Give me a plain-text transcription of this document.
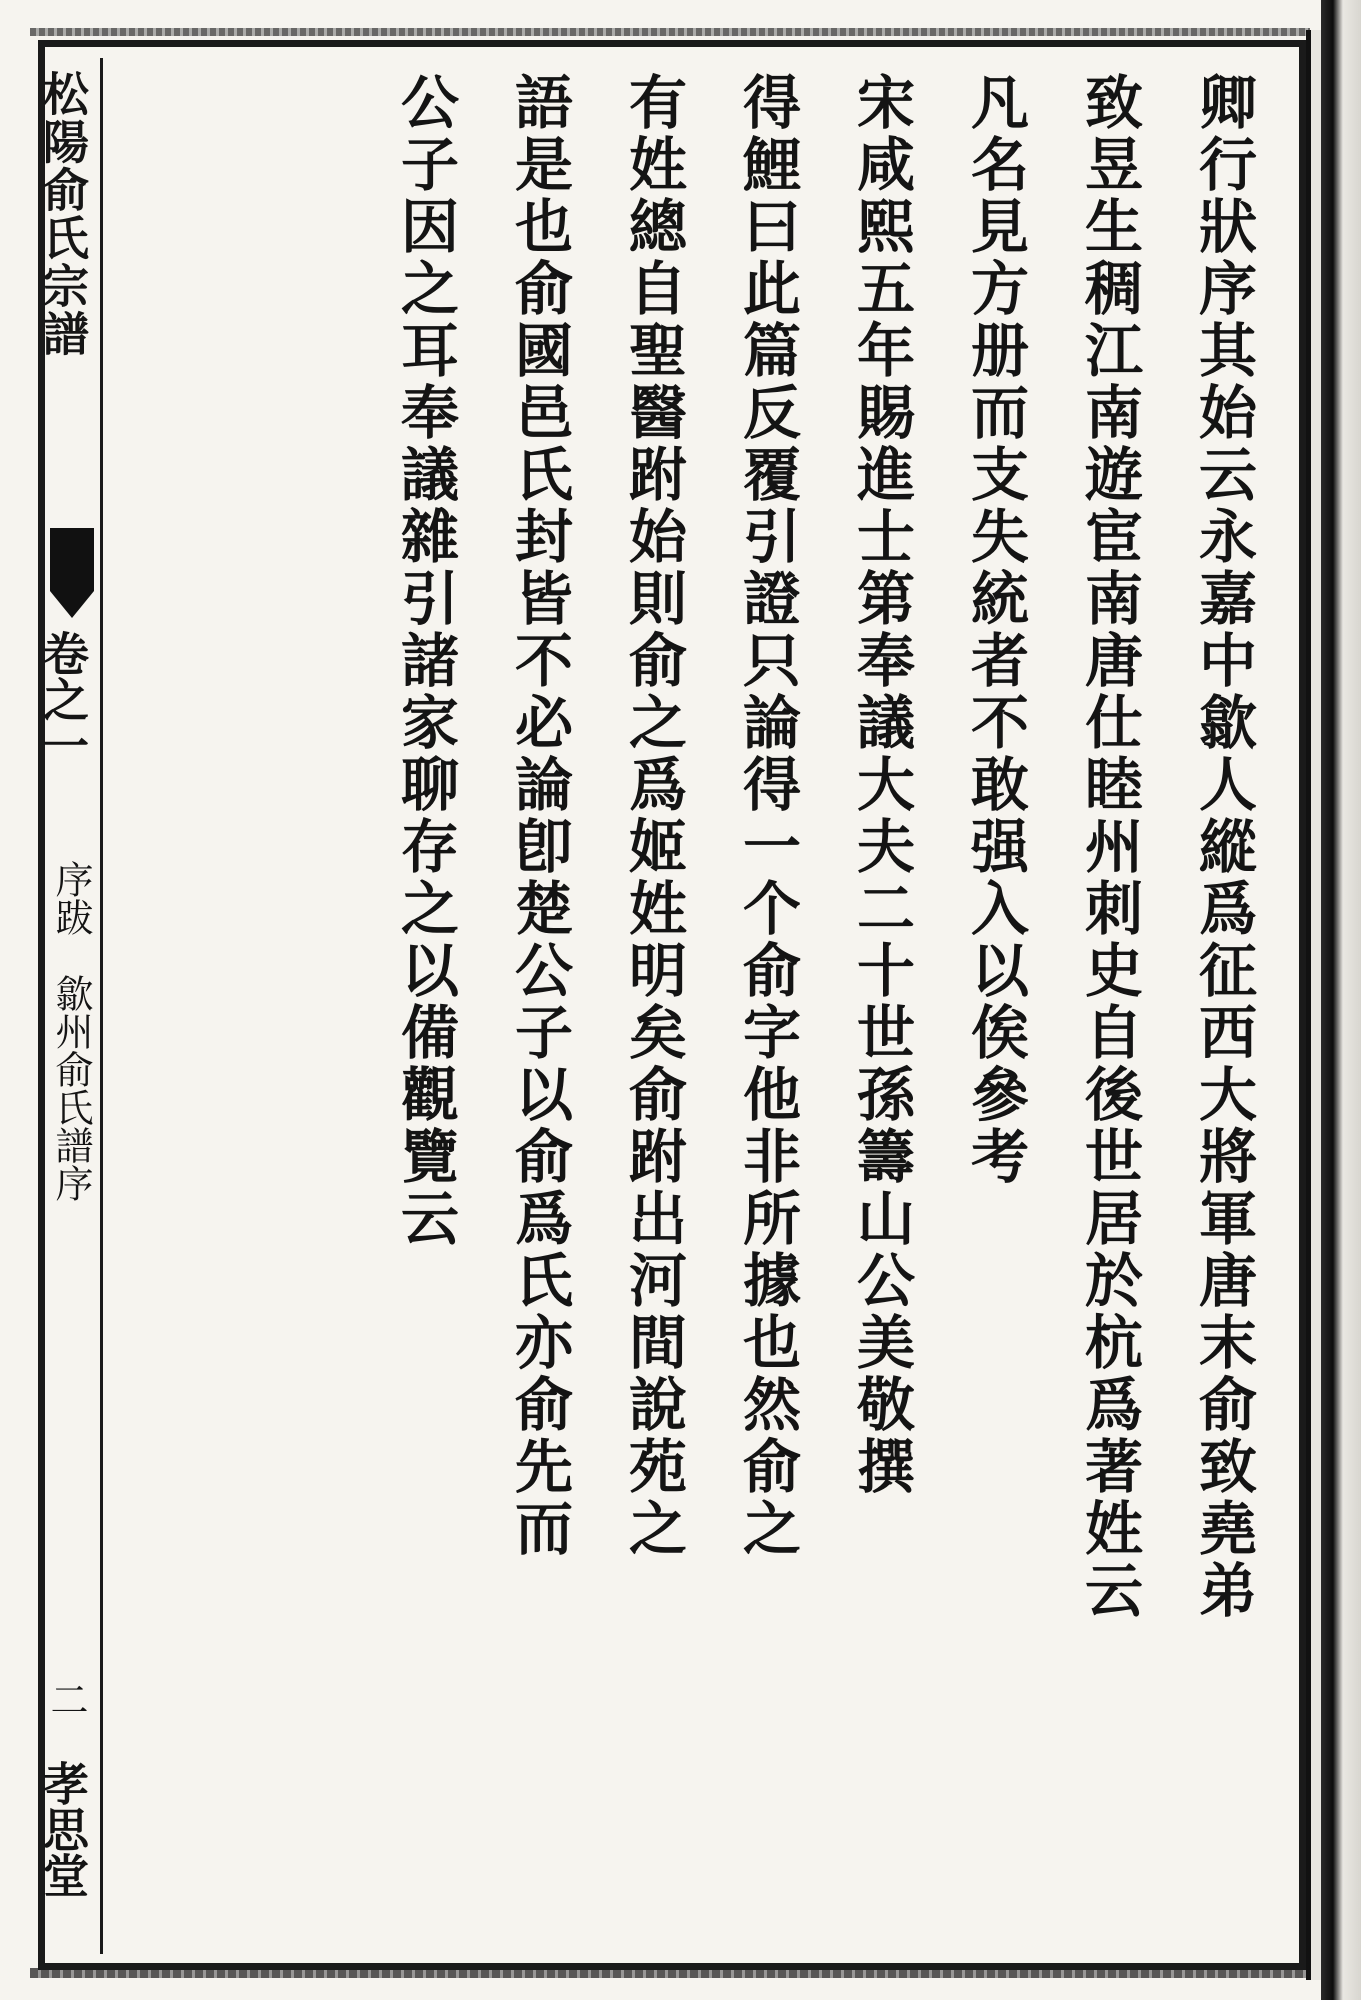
松陽俞氏宗譜
卷之一
序跋　歙州俞氏譜序
二
孝思堂
卿行狀序其始云永嘉中歙人縱爲征西大將軍唐末俞致堯弟
致昱生稠江南遊宦南唐仕睦州刺史自後世居於杭爲著姓云
凡名見方册而支失統者不敢强入以俟參考
宋咸熙五年賜進士第奉議大夫二十世孫籌山公美敬撰
得鯉曰此篇反覆引證只論得一个俞字他非所據也然俞之
有姓總自聖醫跗始則俞之爲姬姓明矣俞跗出河間說苑之
語是也俞國邑氏封皆不必論卽楚公子以俞爲氏亦俞先而
公子因之耳奉議雜引諸家聊存之以備觀覽云
